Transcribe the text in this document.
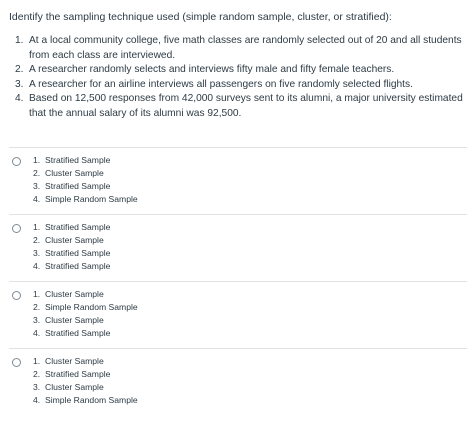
Identify the sampling technique used (simple random sample, cluster, or stratified):

1. At a local community college, five math classes are randomly selected out of 20 and all students from each class are interviewed.
2. A researcher randomly selects and interviews fifty male and fifty female teachers.
3. A researcher for an airline interviews all passengers on five randomly selected flights.
4. Based on 12,500 responses from 42,000 surveys sent to its alumni, a major university estimated that the annual salary of its alumni was 92,500.
1. Stratified Sample
2. Cluster Sample
3. Stratified Sample
4. Simple Random Sample
1. Stratified Sample
2. Cluster Sample
3. Stratified Sample
4. Stratified Sample
1. Cluster Sample
2. Simple Random Sample
3. Cluster Sample
4. Stratified Sample
1. Cluster Sample
2. Stratified Sample
3. Cluster Sample
4. Simple Random Sample
